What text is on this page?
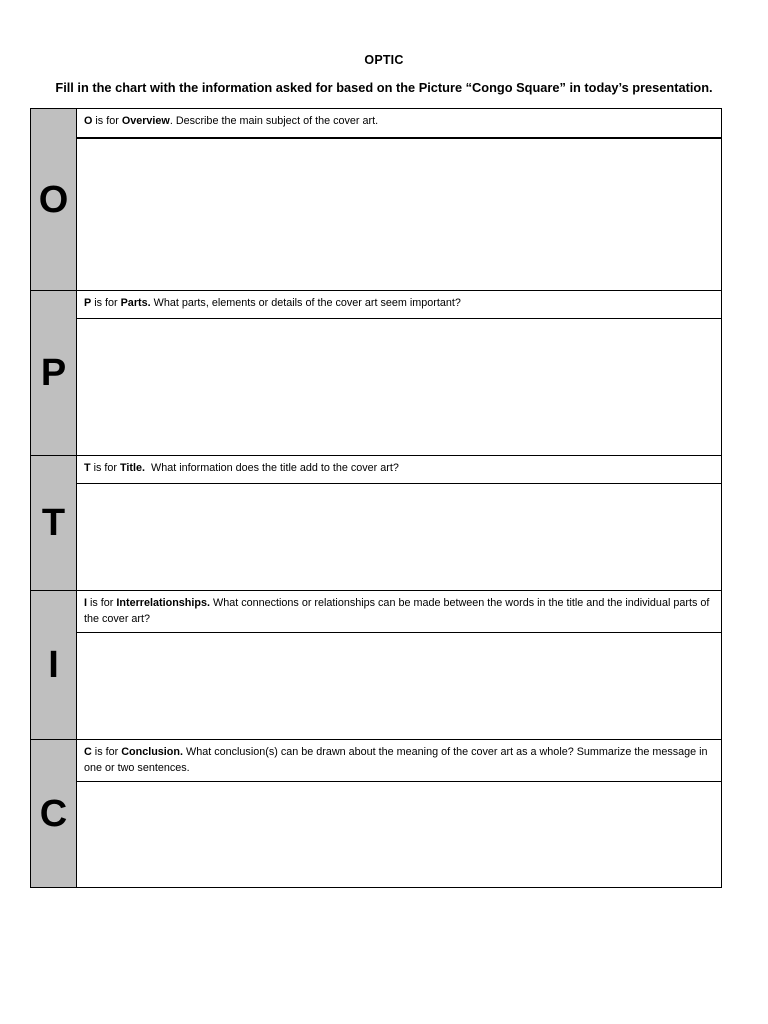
OPTIC
Fill in the chart with the information asked for based on the Picture “Congo Square” in today’s presentation.
O	O is for Overview. Describe the main subject of the cover art.

P	P is for Parts. What parts, elements or details of the cover art seem important?

T	T is for Title.  What information does the title add to the cover art?

I	I is for Interrelationships. What connections or relationships can be made between the words in the title and the individual parts of the cover art?

C	C is for Conclusion. What conclusion(s) can be drawn about the meaning of the cover art as a whole? Summarize the message in one or two sentences.
